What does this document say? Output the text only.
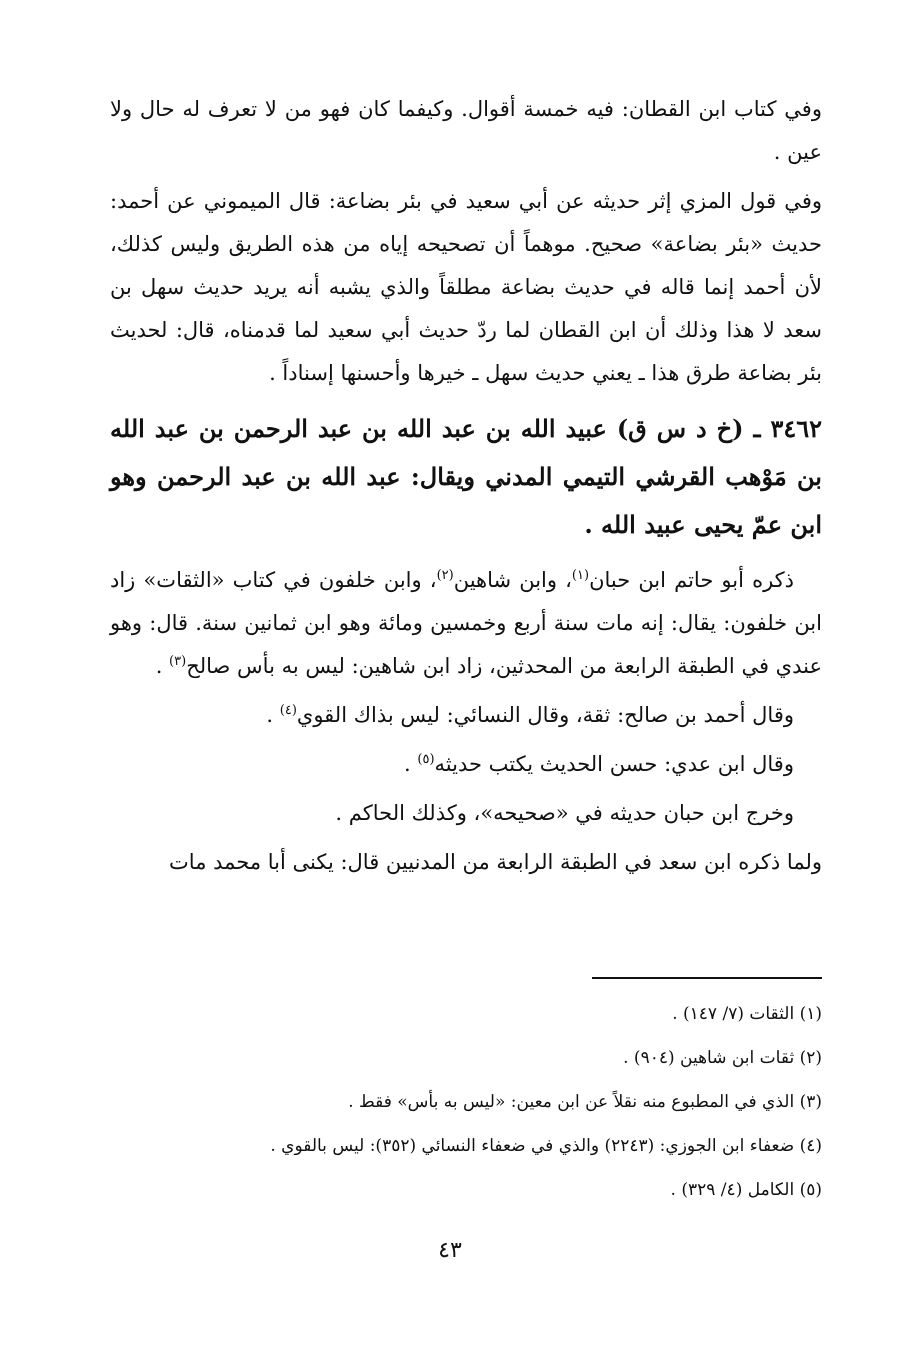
وفي كتاب ابن القطان: فيه خمسة أقوال. وكيفما كان فهو من لا تعرف له حال ولا عين .

وفي قول المزي إثر حديثه عن أبي سعيد في بئر بضاعة: قال الميموني عن أحمد: حديث «بئر بضاعة» صحيح. موهماً أن تصحيحه إياه من هذه الطريق وليس كذلك، لأن أحمد إنما قاله في حديث بضاعة مطلقاً والذي يشبه أنه يريد حديث سهل بن سعد لا هذا وذلك أن ابن القطان لما ردّ حديث أبي سعيد لما قدمناه، قال: لحديث بئر بضاعة طرق هذا ـ يعني حديث سهل ـ خيرها وأحسنها إسناداً .

٣٤٦٢ ـ (خ د س ق) عبيد الله بن عبد الله بن عبد الرحمن بن عبد الله بن مَوْهب القرشي التيمي المدني ويقال: عبد الله بن عبد الرحمن وهو ابن عمّ يحيى عبيد الله .

ذكره أبو حاتم ابن حبان$^{(١)}$، وابن شاهين$^{(٢)}$، وابن خلفون في كتاب «الثقات» زاد ابن خلفون: يقال: إنه مات سنة أربع وخمسين ومائة وهو ابن ثمانين سنة. قال: وهو عندي في الطبقة الرابعة من المحدثين، زاد ابن شاهين: ليس به بأس صالح$^{(٣)}$ .

وقال أحمد بن صالح: ثقة، وقال النسائي: ليس بذاك القوي$^{(٤)}$ .

وقال ابن عدي: حسن الحديث يكتب حديثه$^{(٥)}$ .

وخرج ابن حبان حديثه في «صحيحه»، وكذلك الحاكم .

ولما ذكره ابن سعد في الطبقة الرابعة من المدنيين قال: يكنى أبا محمد مات

(١) الثقات (٧/ ١٤٧) .

(٢) ثقات ابن شاهين (٩٠٤) .

(٣) الذي في المطبوع منه نقلاً عن ابن معين: «ليس به بأس» فقط .

(٤) ضعفاء ابن الجوزي: (٢٢٤٣) والذي في ضعفاء النسائي (٣٥٢): ليس بالقوي .

(٥) الكامل (٤/ ٣٢٩) .

٤٣
